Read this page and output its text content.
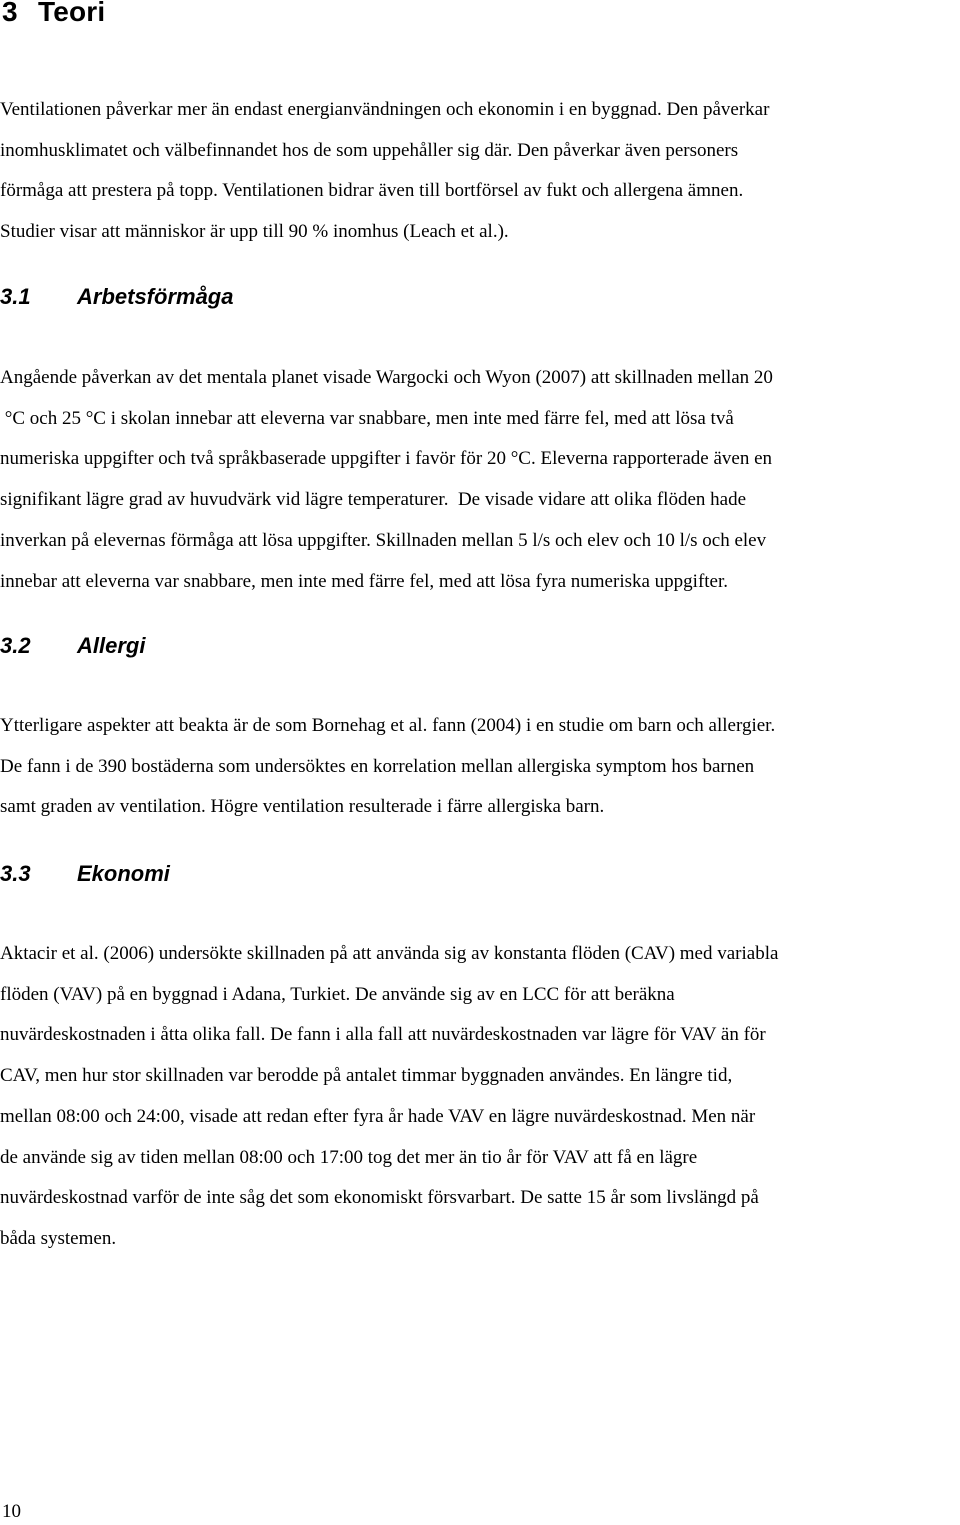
3 Teori

Ventilationen påverkar mer än endast energianvändningen och ekonomin i en byggnad. Den påverkar
inomhusklimatet och välbefinnandet hos de som uppehåller sig där. Den påverkar även personers
förmåga att prestera på topp. Ventilationen bidrar även till bortförsel av fukt och allergena ämnen.
Studier visar att människor är upp till 90 % inomhus (Leach et al.).

3.1 Arbetsförmåga

Angående påverkan av det mentala planet visade Wargocki och Wyon (2007) att skillnaden mellan 20
°C och 25 °C i skolan innebar att eleverna var snabbare, men inte med färre fel, med att lösa två
numeriska uppgifter och två språkbaserade uppgifter i favör för 20 °C. Eleverna rapporterade även en
signifikant lägre grad av huvudvärk vid lägre temperaturer.  De visade vidare att olika flöden hade
inverkan på elevernas förmåga att lösa uppgifter. Skillnaden mellan 5 l/s och elev och 10 l/s och elev
innebar att eleverna var snabbare, men inte med färre fel, med att lösa fyra numeriska uppgifter.

3.2 Allergi

Ytterligare aspekter att beakta är de som Bornehag et al. fann (2004) i en studie om barn och allergier.
De fann i de 390 bostäderna som undersöktes en korrelation mellan allergiska symptom hos barnen
samt graden av ventilation. Högre ventilation resulterade i färre allergiska barn.

3.3 Ekonomi

Aktacir et al. (2006) undersökte skillnaden på att använda sig av konstanta flöden (CAV) med variabla
flöden (VAV) på en byggnad i Adana, Turkiet. De använde sig av en LCC för att beräkna
nuvärdeskostnaden i åtta olika fall. De fann i alla fall att nuvärdeskostnaden var lägre för VAV än för
CAV, men hur stor skillnaden var berodde på antalet timmar byggnaden användes. En längre tid,
mellan 08:00 och 24:00, visade att redan efter fyra år hade VAV en lägre nuvärdeskostnad. Men när
de använde sig av tiden mellan 08:00 och 17:00 tog det mer än tio år för VAV att få en lägre
nuvärdeskostnad varför de inte såg det som ekonomiskt försvarbart. De satte 15 år som livslängd på
båda systemen.

10
